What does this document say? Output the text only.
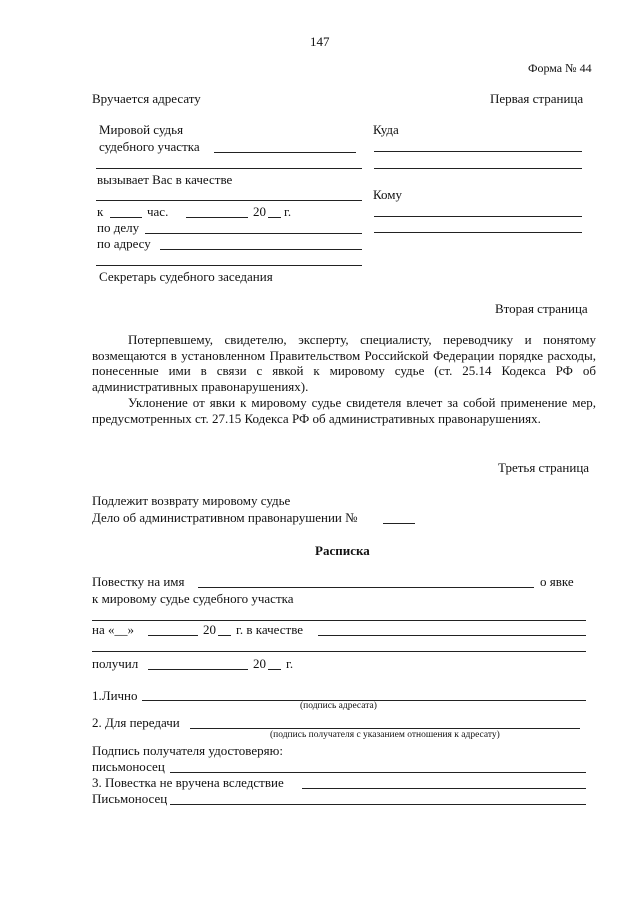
147
Форма № 44
Вручается адресату	Первая страница
Мировой судья
судебного участка
Куда
вызывает Вас в качестве
Кому
к	час.	20 г.
по делу
по адресу
Секретарь судебного заседания
Вторая страница
Потерпевшему, свидетелю, эксперту, специалисту, переводчику и понятому возмещаются в установленном Правительством Российской Федерации порядке расходы, понесенные ими в связи с явкой к мировому судье (ст. 25.14 Кодекса РФ об административных правонарушениях).
Уклонение от явки к мировому судье свидетеля влечет за собой применение мер, предусмотренных ст. 27.15 Кодекса РФ об административных правонарушениях.
Третья страница
Подлежит возврату мировому судье
Дело об административном правонарушении №
Расписка
Повестку на имя	о явке
к мировому судье судебного участка
на «__»	20 г. в качестве
получил	20 г.
1.Лично
(подпись адресата)
2. Для передачи
(подпись получателя с указанием отношения к адресату)
Подпись получателя удостоверяю:
письмоносец
3. Повестка не вручена вследствие
Письмоносец
